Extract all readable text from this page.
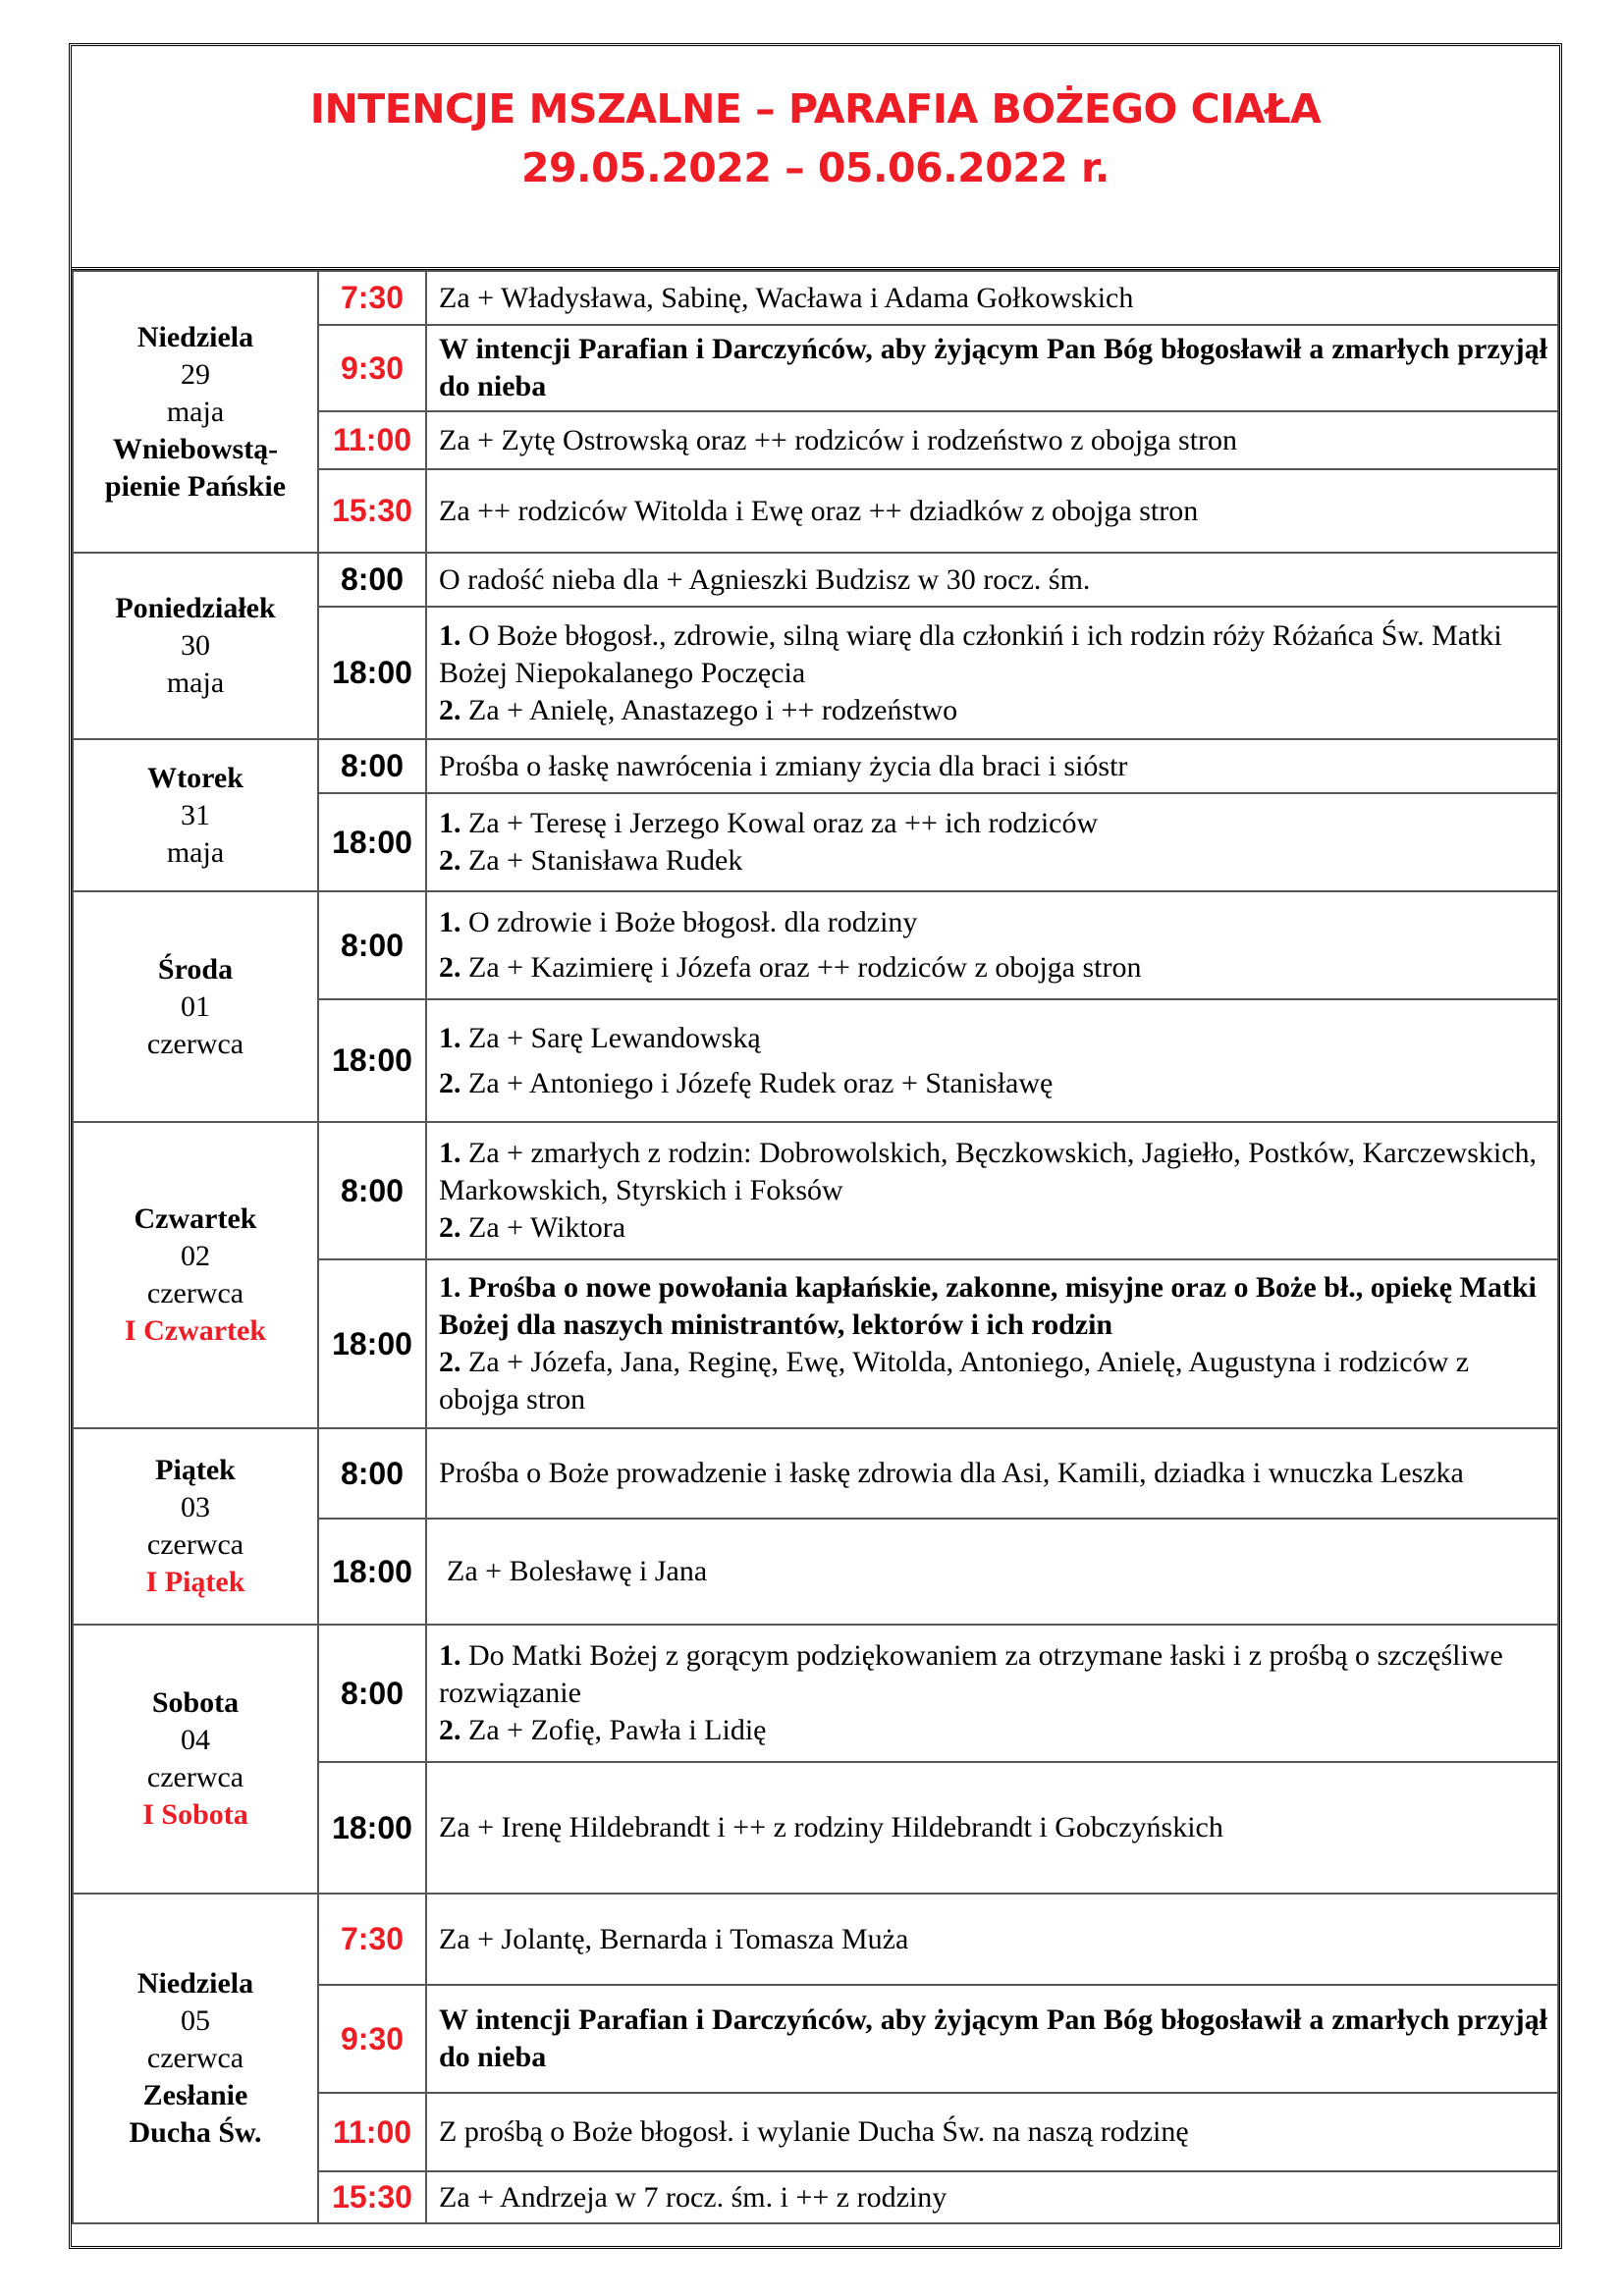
INTENCJE MSZALNE – PARAFIA BOŻEGO CIAŁA
29.05.2022 – 05.06.2022 r.
Niedziela
29
maja
Wniebowstą-
pienie Pańskie	7:30	Za + Władysława, Sabinę, Wacława i Adama Gołkowskich
	9:30	W intencji Parafian i Darczyńców, aby żyjącym Pan Bóg błogosławił a zmarłych przyjął do nieba
	11:00	Za + Zytę Ostrowską oraz ++ rodziców i rodzeństwo z obojga stron
	15:30	Za ++ rodziców Witolda i Ewę oraz ++ dziadków z obojga stron

Poniedziałek
30
maja	8:00	O radość nieba dla + Agnieszki Budzisz w 30 rocz. śm.
	18:00	1. O Boże błogosł., zdrowie, silną wiarę dla członkiń i ich rodzin róży Różańca Św. Matki Bożej Niepokalanego Poczęcia
2. Za + Anielę, Anastazego i ++ rodzeństwo

Wtorek
31
maja	8:00	Prośba o łaskę nawrócenia i zmiany życia dla braci i sióstr
	18:00	1. Za + Teresę i Jerzego Kowal oraz za ++ ich rodziców
2. Za + Stanisława Rudek

Środa
01
czerwca	8:00	1. O zdrowie i Boże błogosł. dla rodziny
2. Za + Kazimierę i Józefa oraz ++ rodziców z obojga stron

	18:00	1. Za + Sarę Lewandowską
2. Za + Antoniego i Józefę Rudek oraz + Stanisławę

Czwartek
02
czerwca
I Czwartek	8:00	1. Za + zmarłych z rodzin: Dobrowolskich, Bęczkowskich, Jagiełło, Postków, Karczewskich, Markowskich, Styrskich i Foksów
2. Za + Wiktora

	18:00	1. Prośba o nowe powołania kapłańskie, zakonne, misyjne oraz o Boże bł., opiekę Matki Bożej dla naszych ministrantów, lektorów i ich rodzin
2. Za + Józefa, Jana, Reginę, Ewę, Witolda, Antoniego, Anielę, Augustyna i rodziców z obojga stron

Piątek
03
czerwca
I Piątek	8:00	Prośba o Boże prowadzenie i łaskę zdrowia dla Asi, Kamili, dziadka i wnuczka Leszka
	18:00	Za + Bolesławę i Jana

Sobota
04
czerwca
I Sobota	8:00	1. Do Matki Bożej z gorącym podziękowaniem za otrzymane łaski i z prośbą o szczęśliwe rozwiązanie
2. Za + Zofię, Pawła i Lidię

	18:00	Za + Irenę Hildebrandt i ++ z rodziny Hildebrandt i Gobczyńskich

Niedziela
05
czerwca
Zesłanie
Ducha Św.	7:30	Za + Jolantę, Bernarda i Tomasza Muża
	9:30	W intencji Parafian i Darczyńców, aby żyjącym Pan Bóg błogosławił a zmarłych przyjął do nieba
	11:00	Z prośbą o Boże błogosł. i wylanie Ducha Św. na naszą rodzinę
	15:30	Za + Andrzeja w 7 rocz. śm. i ++ z rodziny
